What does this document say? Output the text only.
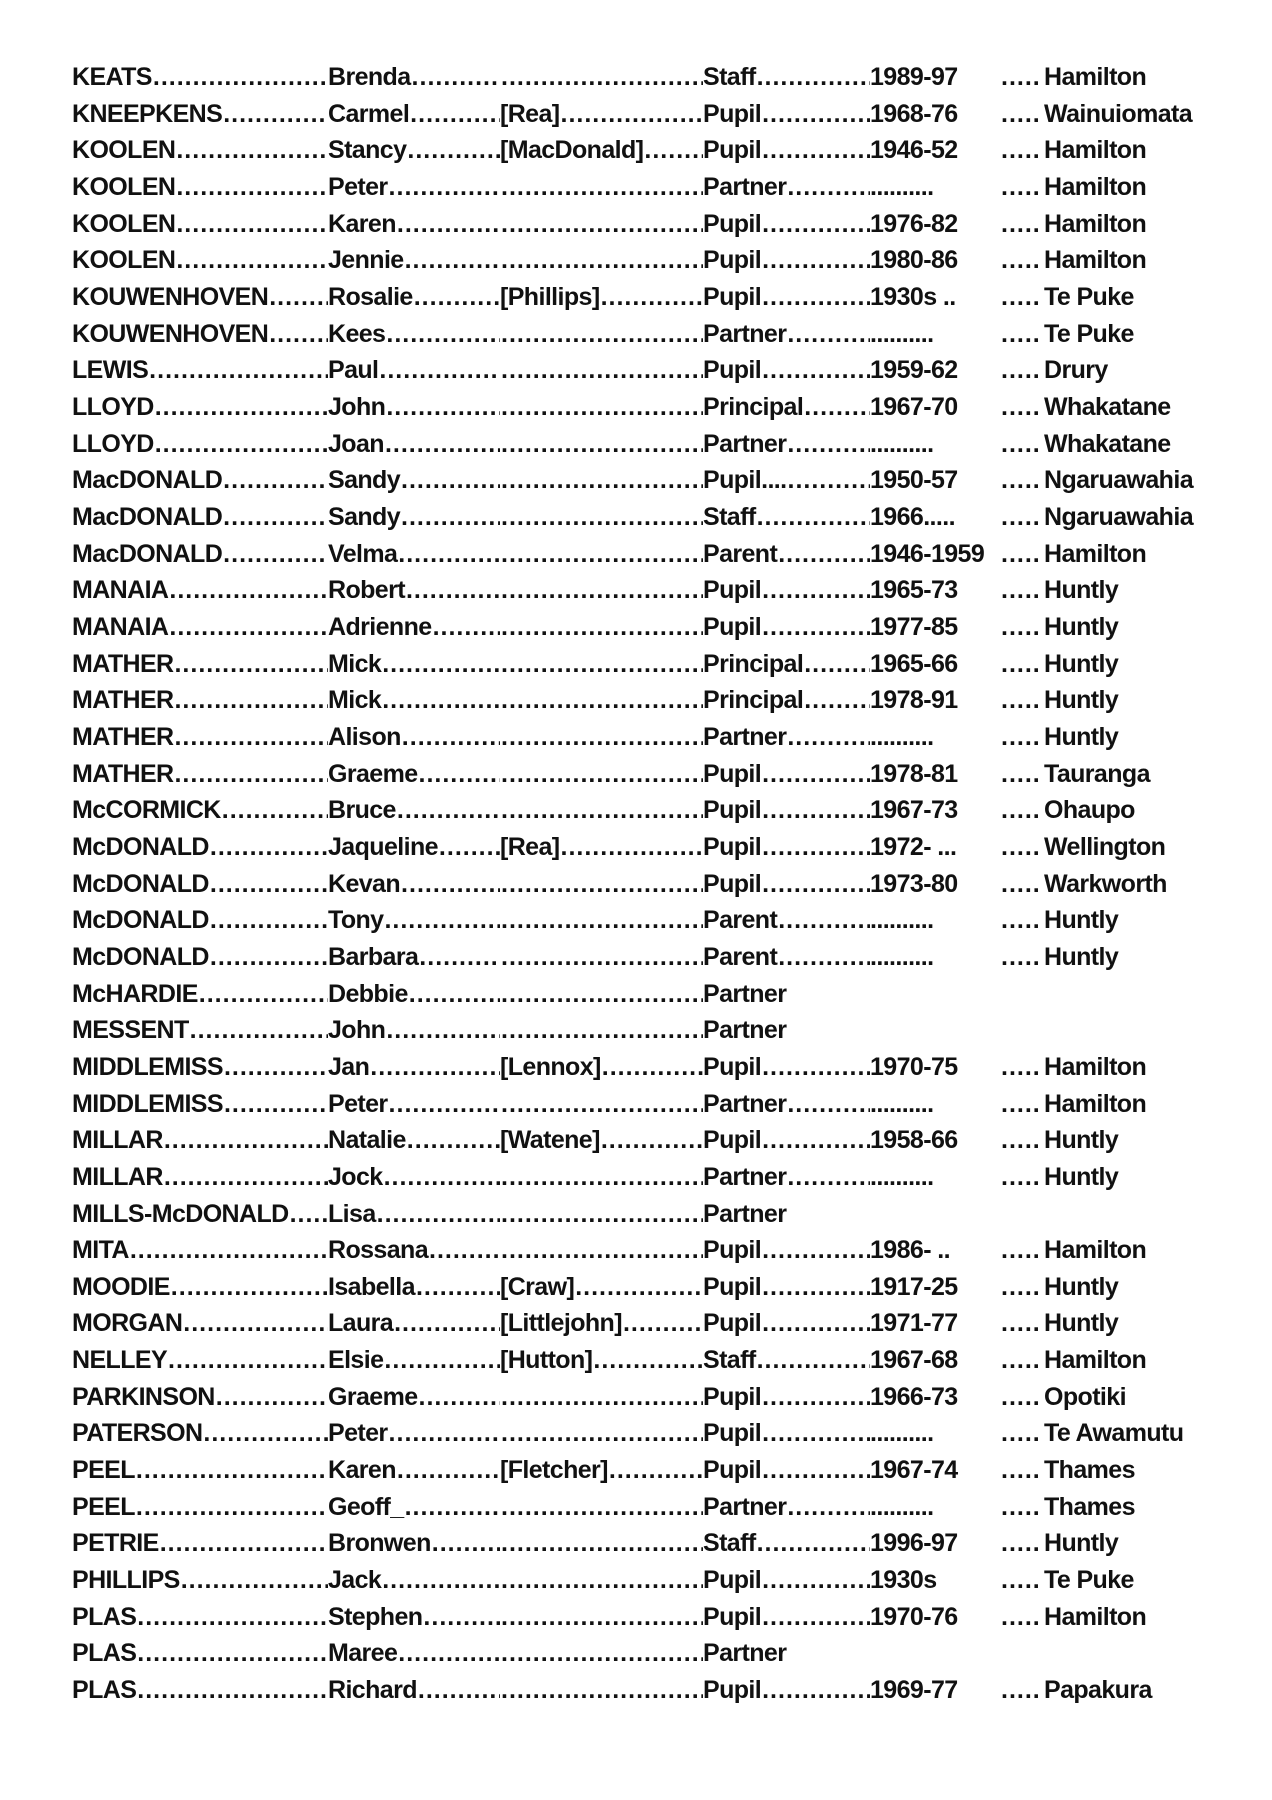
KEATS .....	Brenda ..... .....	Staff .....	1989-97 .....	Hamilton
KNEEPKENS .....	Carmel .....	[Rea] .....	Pupil .....	1968-76 .....	Wainuiomata
KOOLEN .....	Stancy .....	[MacDonald] ..... Pupil .....	1946-52 .....	Hamilton
KOOLEN .....	Peter ..... .....	Partner .....	.......... .....	Hamilton
KOOLEN .....	Karen ..... .....	Pupil .....	1976-82 .....	Hamilton
KOOLEN .....	Jennie ..... .....	Pupil .....	1980-86 .....	Hamilton
KOUWENHOVEN ..... Rosalie .....	[Phillips] .....	Pupil .....	1930s .. .....	Te Puke
KOUWENHOVEN ..... Kees ..... .....	Partner .....	.......... .....	Te Puke
LEWIS .....	Paul ..... .....	Pupil .....	1959-62 .....	Drury
LLOYD .....	John ..... .....	Principal .....	1967-70 .....	Whakatane
LLOYD .....	Joan ..... .....	Partner .....	.......... .....	Whakatane
MacDONALD .....	Sandy ..... .....	Pupil.... .....	1950-57 .....	Ngaruawahia
MacDONALD .....	Sandy ..... .....	Staff .....	1966..... .....	Ngaruawahia
MacDONALD .....	Velma ..... .....	Parent .....	1946-1959 ..... Hamilton
MANAIA .....	Robert ..... .....	Pupil .....	1965-73 .....	Huntly
MANAIA .....	Adrienne ..... .....	Pupil .....	1977-85 .....	Huntly
MATHER .....	Mick ..... .....	Principal .....	1965-66 .....	Huntly
MATHER .....	Mick ..... .....	Principal .....	1978-91 .....	Huntly
MATHER .....	Alison ..... .....	Partner .....	.......... .....	Huntly
MATHER .....	Graeme ..... .....	Pupil .....	1978-81 .....	Tauranga
McCORMICK .....	Bruce ..... .....	Pupil .....	1967-73 .....	Ohaupo
McDONALD .....	Jaqueline ..... [Rea] .....	Pupil .....	1972- ... .....	Wellington
McDONALD .....	Kevan ..... .....	Pupil .....	1973-80 .....	Warkworth
McDONALD .....	Tony ..... .....	Parent .....	.......... .....	Huntly
McDONALD .....	Barbara ..... .....	Parent .....	.......... .....	Huntly
McHARDIE .....	Debbie ..... .....	Partner
MESSENT .....	John ..... .....	Partner
MIDDLEMISS .....	Jan .....	[Lennox] .....	Pupil .....	1970-75 .....	Hamilton
MIDDLEMISS .....	Peter ..... .....	Partner .....	.......... .....	Hamilton
MILLAR .....	Natalie .....	[Watene] .....	Pupil .....	1958-66 .....	Huntly
MILLAR .....	Jock ..... .....	Partner .....	.......... .....	Huntly
MILLS-McDONALD ..... Lisa ..... .....	Partner
MITA .....	Rossana ..... .....	Pupil .....	1986- .. .....	Hamilton
MOODIE .....	Isabella .....	[Craw] .....	Pupil .....	1917-25 .....	Huntly
MORGAN .....	Laura .....	[Littlejohn] .....	Pupil .....	1971-77 .....	Huntly
NELLEY .....	Elsie .....	[Hutton] .....	Staff .....	1967-68 .....	Hamilton
PARKINSON .....	Graeme ..... .....	Pupil .....	1966-73 .....	Opotiki
PATERSON .....	Peter ..... .....	Pupil .....	.......... .....	Te Awamutu
PEEL .....	Karen .....	[Fletcher] .....	Pupil .....	1967-74 .....	Thames
PEEL .....	Geoff_ ..... .....	Partner .....	.......... .....	Thames
PETRIE .....	Bronwen ..... .....	Staff .....	1996-97 .....	Huntly
PHILLIPS .....	Jack ..... .....	Pupil .....	1930s .....	Te Puke
PLAS .....	Stephen ..... .....	Pupil .....	1970-76 .....	Hamilton
PLAS .....	Maree ..... .....	Partner
PLAS .....	Richard ..... .....	Pupil .....	1969-77 .....	Papakura
